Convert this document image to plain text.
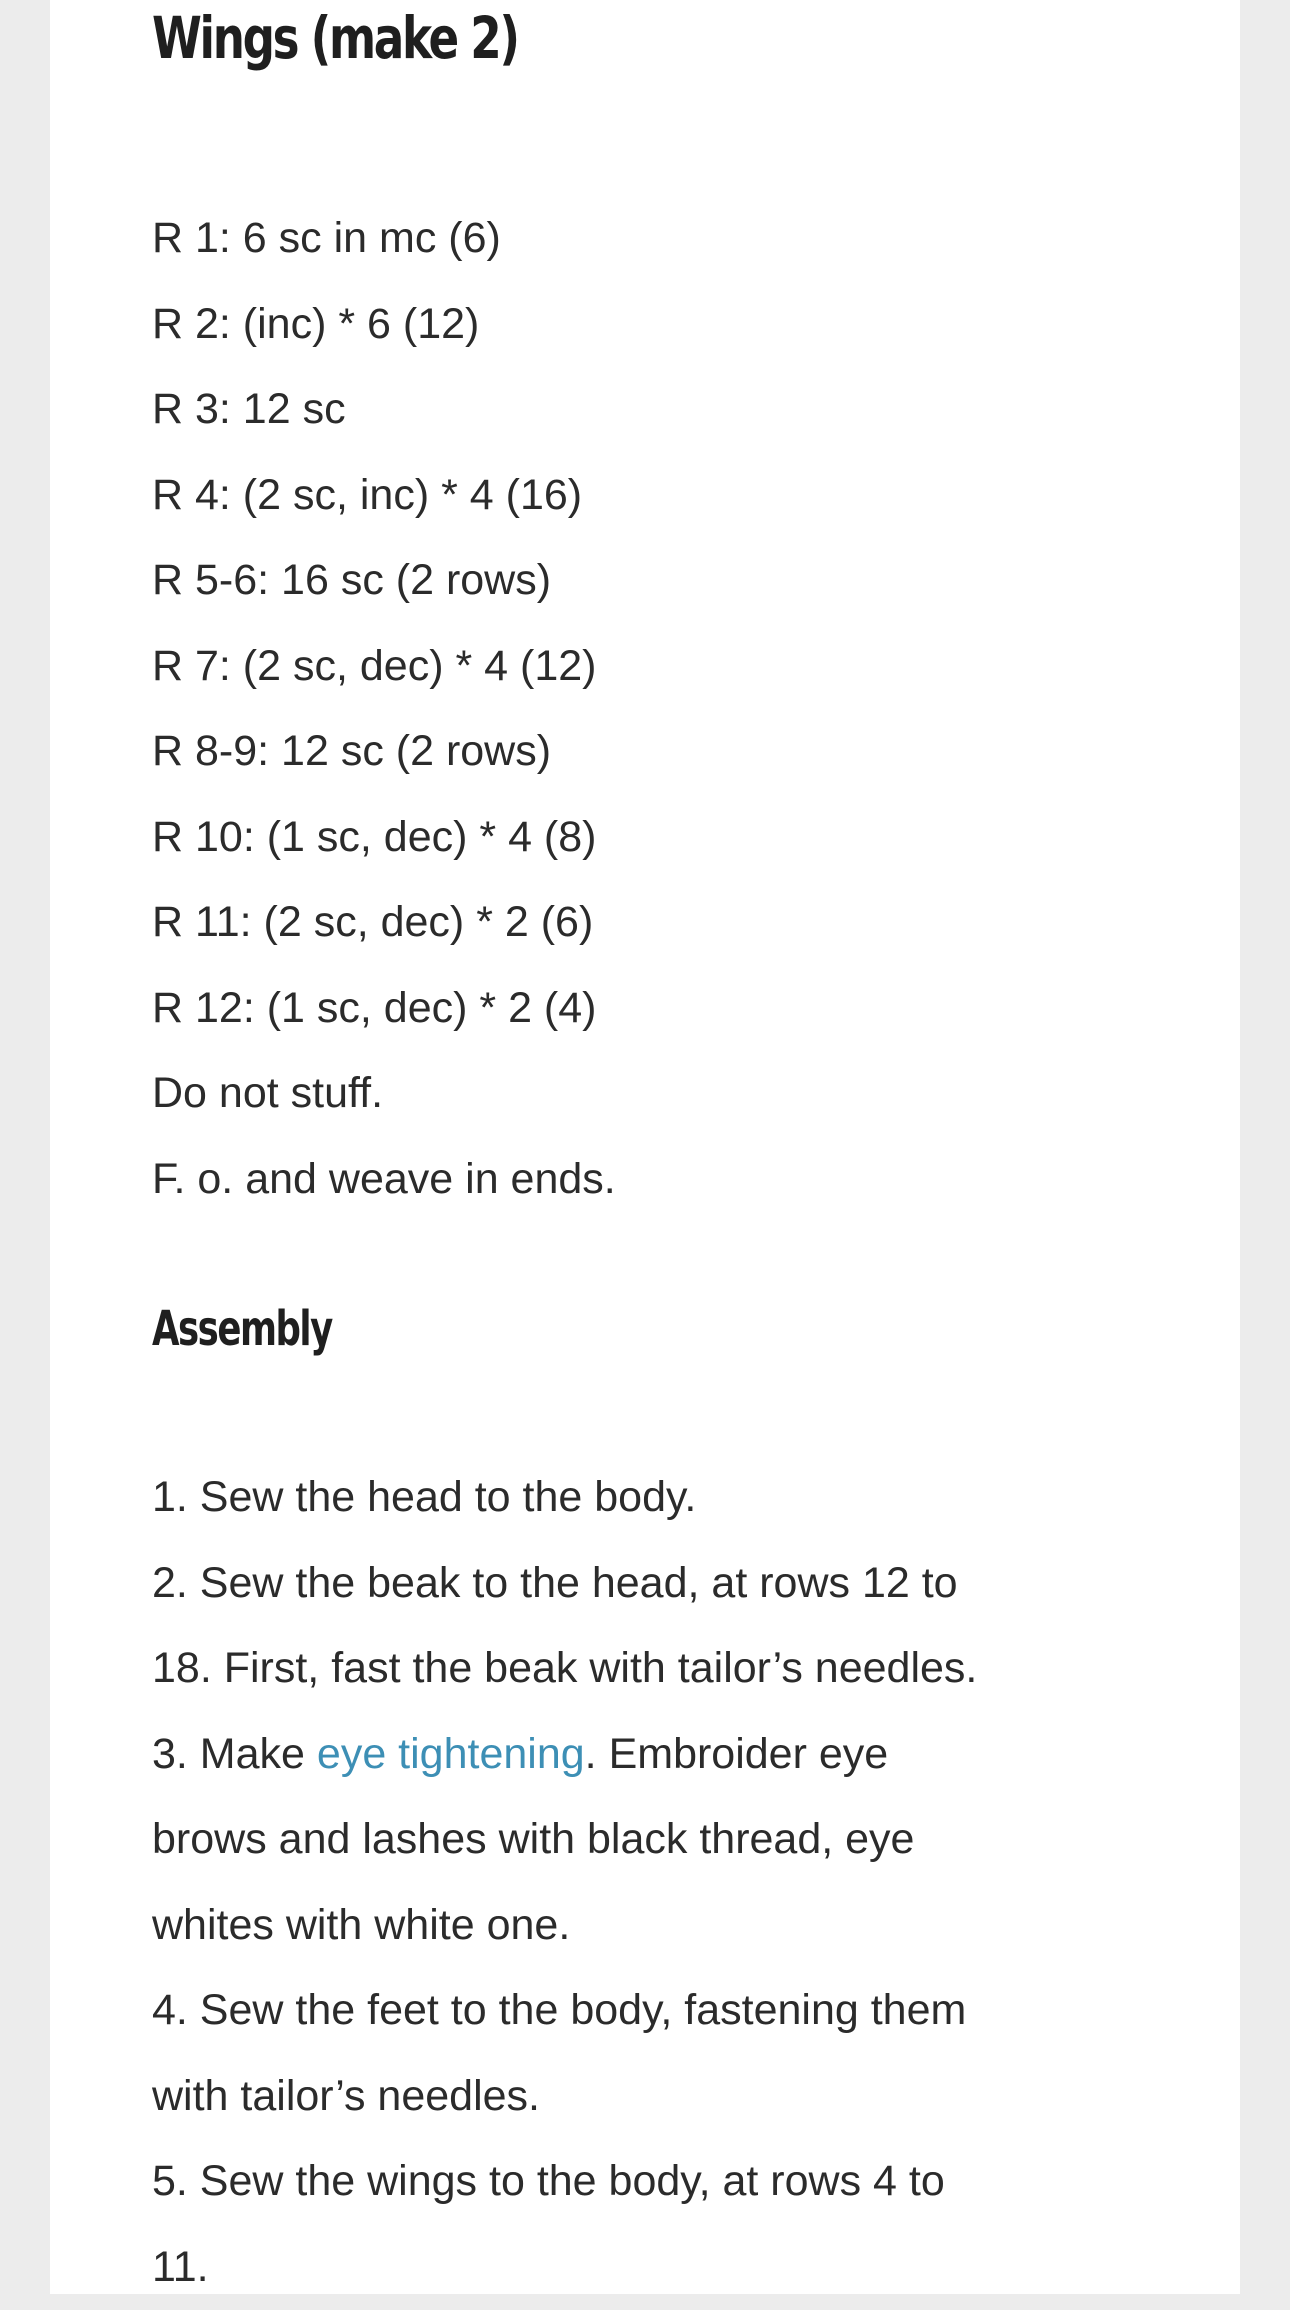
Wings (make 2)
R 1: 6 sc in mc (6)
R 2: (inc) * 6 (12)
R 3: 12 sc
R 4: (2 sc, inc) * 4 (16)
R 5-6: 16 sc (2 rows)
R 7: (2 sc, dec) * 4 (12)
R 8-9: 12 sc (2 rows)
R 10: (1 sc, dec) * 4 (8)
R 11: (2 sc, dec) * 2 (6)
R 12: (1 sc, dec) * 2 (4)
Do not stuff.
F. o. and weave in ends.
Assembly

1. Sew the head to the body.

2. Sew the beak to the head, at rows 12 to

18. First, fast the beak with tailor’s needles.

3. Make eye tightening. Embroider eye

brows and lashes with black thread, eye

whites with white one.

4. Sew the feet to the body, fastening them

with tailor’s needles.

5. Sew the wings to the body, at rows 4 to

11.
